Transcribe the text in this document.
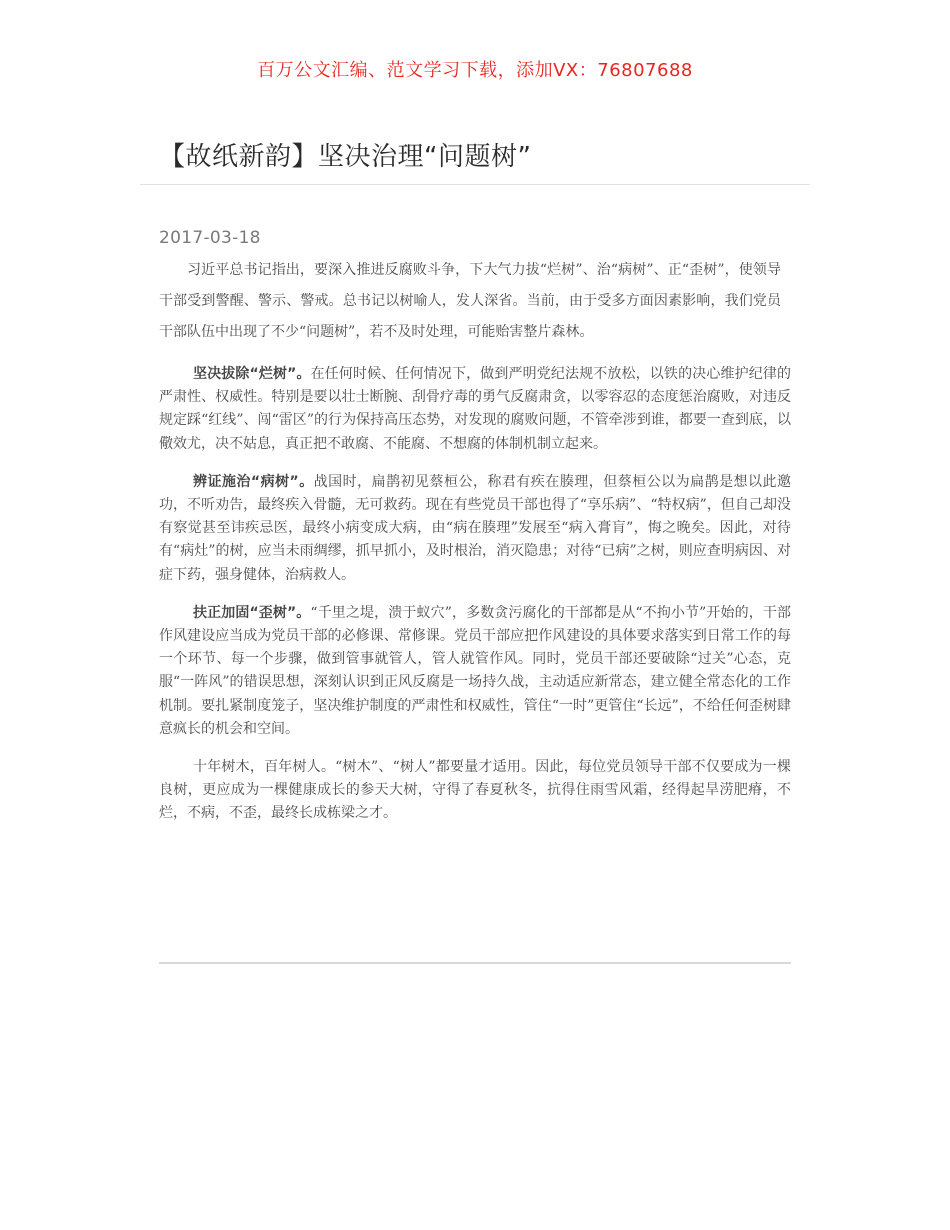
百万公文汇编、范文学习下载，添加VX：76807688
【故纸新韵】坚决治理“问题树”
2017-03-18

习近平总书记指出，要深入推进反腐败斗争，下大气力拔“烂树”、治“病树”、正“歪树”，使领导干部受到警醒、警示、警戒。总书记以树喻人，发人深省。当前，由于受多方面因素影响，我们党员干部队伍中出现了不少“问题树”，若不及时处理，可能贻害整片森林。

坚决拔除“烂树”。在任何时候、任何情况下，做到严明党纪法规不放松，以铁的决心维护纪律的严肃性、权威性。特别是要以壮士断腕、刮骨疗毒的勇气反腐肃贪，以零容忍的态度惩治腐败，对违反规定踩“红线”、闯“雷区”的行为保持高压态势，对发现的腐败问题，不管牵涉到谁，都要一查到底，以儆效尤，决不姑息，真正把不敢腐、不能腐、不想腐的体制机制立起来。

辨证施治“病树”。战国时，扁鹊初见蔡桓公，称君有疾在腠理，但蔡桓公以为扁鹊是想以此邀功，不听劝告，最终疾入骨髓，无可救药。现在有些党员干部也得了“享乐病”、“特权病”，但自己却没有察觉甚至讳疾忌医，最终小病变成大病，由“病在腠理”发展至“病入膏肓”，悔之晚矣。因此，对待有“病灶”的树，应当未雨绸缪，抓早抓小，及时根治，消灭隐患；对待“已病”之树，则应查明病因、对症下药，强身健体，治病救人。

扶正加固“歪树”。“千里之堤，溃于蚁穴”，多数贪污腐化的干部都是从“不拘小节”开始的，干部作风建设应当成为党员干部的必修课、常修课。党员干部应把作风建设的具体要求落实到日常工作的每一个环节、每一个步骤，做到管事就管人，管人就管作风。同时，党员干部还要破除“过关”心态，克服“一阵风”的错误思想，深刻认识到正风反腐是一场持久战，主动适应新常态，建立健全常态化的工作机制。要扎紧制度笼子，坚决维护制度的严肃性和权威性，管住“一时”更管住“长远”，不给任何歪树肆意疯长的机会和空间。

十年树木，百年树人。“树木”、“树人”都要量才适用。因此，每位党员领导干部不仅要成为一棵良树，更应成为一棵健康成长的参天大树，守得了春夏秋冬，抗得住雨雪风霜，经得起旱涝肥瘠，不烂，不病，不歪，最终长成栋梁之才。
